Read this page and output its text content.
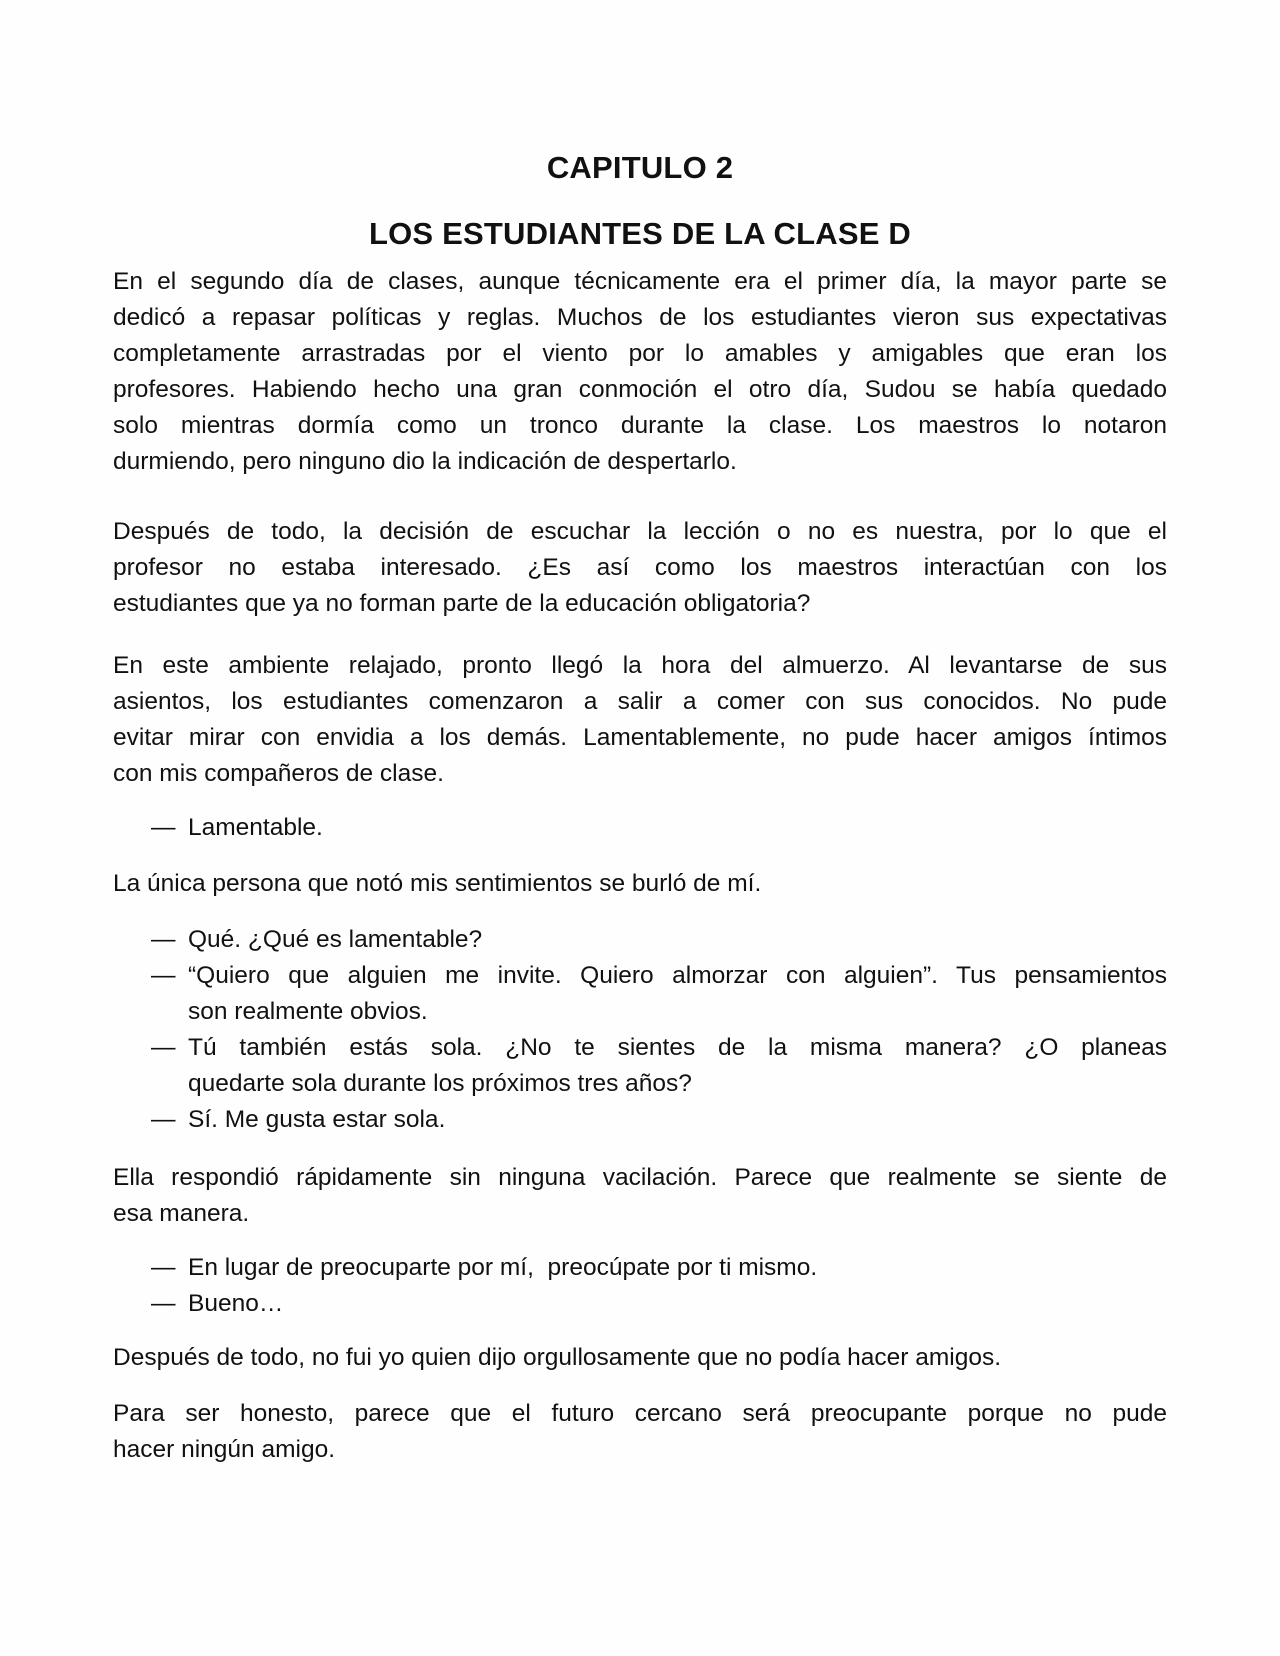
CAPITULO 2
LOS ESTUDIANTES DE LA CLASE D
En el segundo día de clases, aunque técnicamente era el primer día, la mayor parte se
dedicó a repasar políticas y reglas. Muchos de los estudiantes vieron sus expectativas
completamente arrastradas por el viento por lo amables y amigables que eran los
profesores. Habiendo hecho una gran conmoción el otro día, Sudou se había quedado
solo mientras dormía como un tronco durante la clase. Los maestros lo notaron
durmiendo, pero ninguno dio la indicación de despertarlo.
Después de todo, la decisión de escuchar la lección o no es nuestra, por lo que el
profesor no estaba interesado. ¿Es así como los maestros interactúan con los
estudiantes que ya no forman parte de la educación obligatoria?
En este ambiente relajado, pronto llegó la hora del almuerzo. Al levantarse de sus
asientos, los estudiantes comenzaron a salir a comer con sus conocidos. No pude
evitar mirar con envidia a los demás. Lamentablemente, no pude hacer amigos íntimos
con mis compañeros de clase.
— Lamentable.
La única persona que notó mis sentimientos se burló de mí.
— Qué. ¿Qué es lamentable?
— “Quiero que alguien me invite. Quiero almorzar con alguien”. Tus pensamientos
son realmente obvios.
— Tú también estás sola. ¿No te sientes de la misma manera? ¿O planeas
quedarte sola durante los próximos tres años?
— Sí. Me gusta estar sola.
Ella respondió rápidamente sin ninguna vacilación. Parece que realmente se siente de
esa manera.
— En lugar de preocuparte por mí,  preocúpate por ti mismo.
— Bueno…
Después de todo, no fui yo quien dijo orgullosamente que no podía hacer amigos.
Para ser honesto, parece que el futuro cercano será preocupante porque no pude
hacer ningún amigo.
